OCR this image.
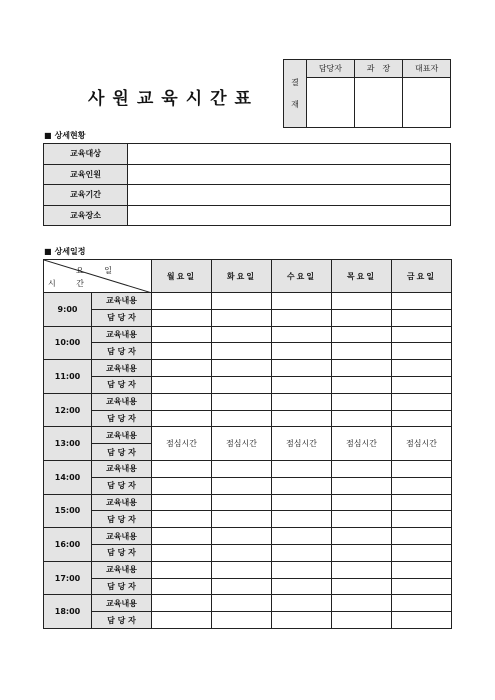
사원교육시간표
결
재	담당자	과　장	대표자

■ 상세현황
교육대상	
교육인원	
교육기간	
교육장소	
■ 상세일정
요 일
시 간		월요일	화요일	수요일	목요일	금요일
9:00	교육내용					
	담 당 자					
10:00	교육내용					
	담 당 자					
11:00	교육내용					
	담 당 자					
12:00	교육내용					
	담 당 자					
13:00	교육내용	점심시간	점심시간	점심시간	점심시간	점심시간
	담 당 자					
14:00	교육내용					
	담 당 자					
15:00	교육내용					
	담 당 자					
16:00	교육내용					
	담 당 자					
17:00	교육내용					
	담 당 자					
18:00	교육내용					
	담 당 자					
